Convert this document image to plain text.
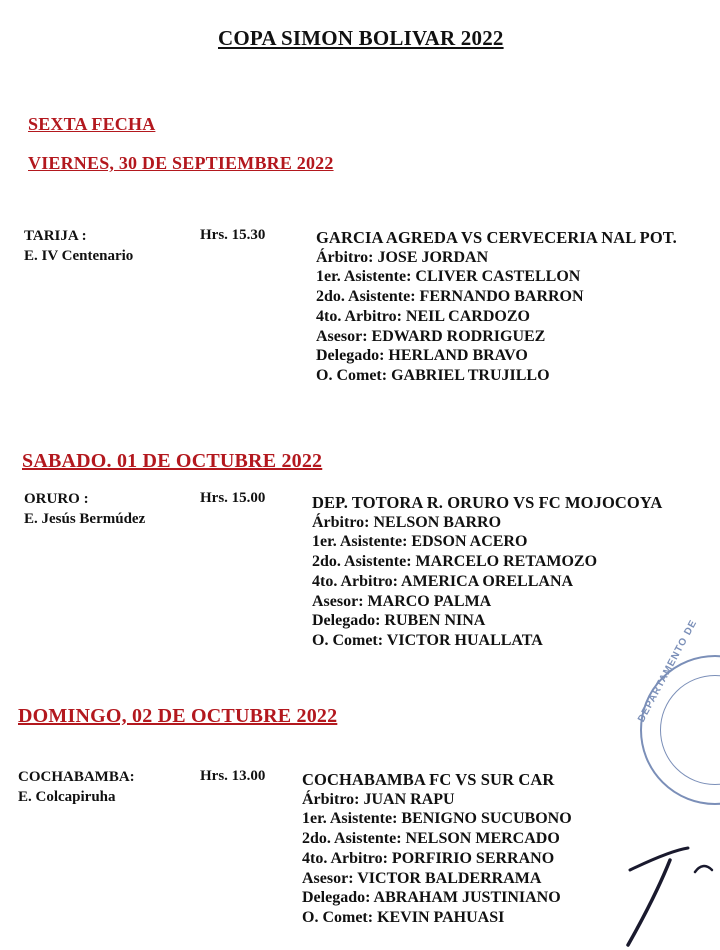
COPA SIMON BOLIVAR 2022
SEXTA FECHA
VIERNES, 30 DE SEPTIEMBRE 2022
TARIJA :
E. IV Centenario
Hrs. 15.30	GARCIA AGREDA VS CERVECERIA NAL POT.
Árbitro: JOSE JORDAN
1er. Asistente: CLIVER CASTELLON
2do. Asistente: FERNANDO BARRON
4to. Arbitro: NEIL CARDOZO
Asesor: EDWARD RODRIGUEZ
Delegado: HERLAND BRAVO
O. Comet: GABRIEL TRUJILLO
SABADO. 01 DE OCTUBRE 2022
ORURO :
E. Jesús Bermúdez
Hrs. 15.00	DEP. TOTORA R. ORURO VS FC MOJOCOYA
Árbitro: NELSON BARRO
1er. Asistente: EDSON ACERO
2do. Asistente: MARCELO RETAMOZO
4to. Arbitro: AMERICA ORELLANA
Asesor: MARCO PALMA
Delegado: RUBEN NINA
O. Comet: VICTOR HUALLATA
DOMINGO, 02 DE OCTUBRE 2022
COCHABAMBA:
E. Colcapiruha
Hrs. 13.00 COCHABAMBA FC VS SUR CAR
Árbitro: JUAN RAPU
1er. Asistente: BENIGNO SUCUBONO
2do. Asistente: NELSON MERCADO
4to. Arbitro: PORFIRIO SERRANO
Asesor: VICTOR BALDERRAMA
Delegado: ABRAHAM JUSTINIANO
O. Comet: KEVIN PAHUASI
DEPARTAMENTO DE
